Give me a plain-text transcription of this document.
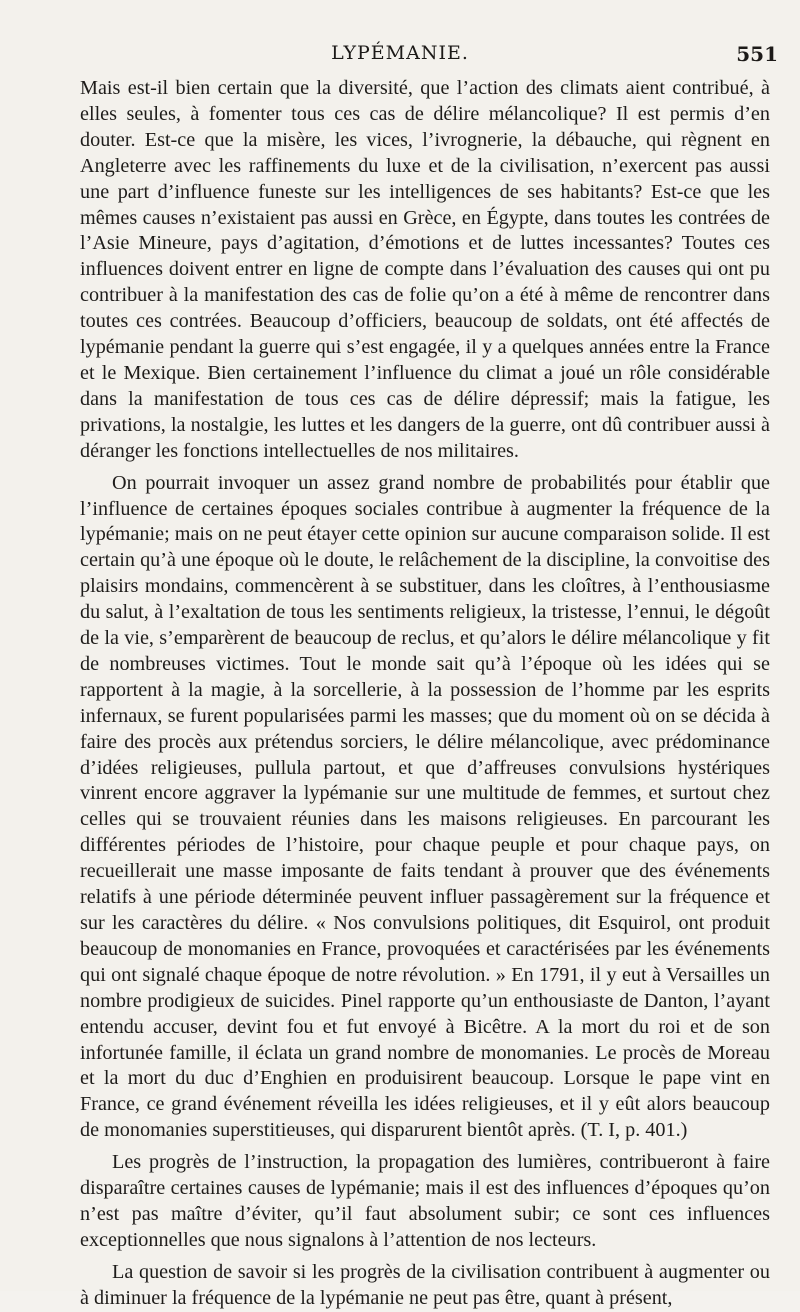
LYPÉMANIE.	551

Mais est-il bien certain que la diversité, que l’action des climats aient contribué, à elles seules, à fomenter tous ces cas de délire mélancolique? Il est permis d’en douter. Est-ce que la misère, les vices, l’ivrognerie, la débauche, qui règnent en Angleterre avec les raffinements du luxe et de la civilisation, n’exercent pas aussi une part d’influence funeste sur les intelligences de ses habitants? Est-ce que les mêmes causes n’existaient pas aussi en Grèce, en Égypte, dans toutes les contrées de l’Asie Mineure, pays d’agitation, d’émotions et de luttes incessantes? Toutes ces influences doivent entrer en ligne de compte dans l’évaluation des causes qui ont pu contribuer à la manifestation des cas de folie qu’on a été à même de rencontrer dans toutes ces contrées. Beaucoup d’officiers, beaucoup de soldats, ont été affectés de lypémanie pendant la guerre qui s’est engagée, il y a quelques années entre la France et le Mexique. Bien certainement l’influence du climat a joué un rôle considérable dans la manifestation de tous ces cas de délire dépressif; mais la fatigue, les privations, la nostalgie, les luttes et les dangers de la guerre, ont dû contribuer aussi à déranger les fonctions intellectuelles de nos militaires.

On pourrait invoquer un assez grand nombre de probabilités pour établir que l’influence de certaines époques sociales contribue à augmenter la fréquence de la lypémanie; mais on ne peut étayer cette opinion sur aucune comparaison solide. Il est certain qu’à une époque où le doute, le relâchement de la discipline, la convoitise des plaisirs mondains, commencèrent à se substituer, dans les cloîtres, à l’enthousiasme du salut, à l’exaltation de tous les sentiments religieux, la tristesse, l’ennui, le dégoût de la vie, s’emparèrent de beaucoup de reclus, et qu’alors le délire mélancolique y fit de nombreuses victimes. Tout le monde sait qu’à l’époque où les idées qui se rapportent à la magie, à la sorcellerie, à la possession de l’homme par les esprits infernaux, se furent popularisées parmi les masses; que du moment où on se décida à faire des procès aux prétendus sorciers, le délire mélancolique, avec prédominance d’idées religieuses, pullula partout, et que d’affreuses convulsions hystériques vinrent encore aggraver la lypémanie sur une multitude de femmes, et surtout chez celles qui se trouvaient réunies dans les maisons religieuses. En parcourant les différentes périodes de l’histoire, pour chaque peuple et pour chaque pays, on recueillerait une masse imposante de faits tendant à prouver que des événements relatifs à une période déterminée peuvent influer passagèrement sur la fréquence et sur les caractères du délire. « Nos convulsions politiques, dit Esquirol, ont produit beaucoup de monomanies en France, provoquées et caractérisées par les événements qui ont signalé chaque époque de notre révolution. » En 1791, il y eut à Versailles un nombre prodigieux de suicides. Pinel rapporte qu’un enthousiaste de Danton, l’ayant entendu accuser, devint fou et fut envoyé à Bicêtre. A la mort du roi et de son infortunée famille, il éclata un grand nombre de monomanies. Le procès de Moreau et la mort du duc d’Enghien en produisirent beaucoup. Lorsque le pape vint en France, ce grand événement réveilla les idées religieuses, et il y eût alors beaucoup de monomanies superstitieuses, qui disparurent bientôt après. (T. I, p. 401.)

Les progrès de l’instruction, la propagation des lumières, contribueront à faire disparaître certaines causes de lypémanie; mais il est des influences d’époques qu’on n’est pas maître d’éviter, qu’il faut absolument subir; ce sont ces influences exceptionnelles que nous signalons à l’attention de nos lecteurs.

La question de savoir si les progrès de la civilisation contribuent à augmenter ou à diminuer la fréquence de la lypémanie ne peut pas être, quant à présent,
